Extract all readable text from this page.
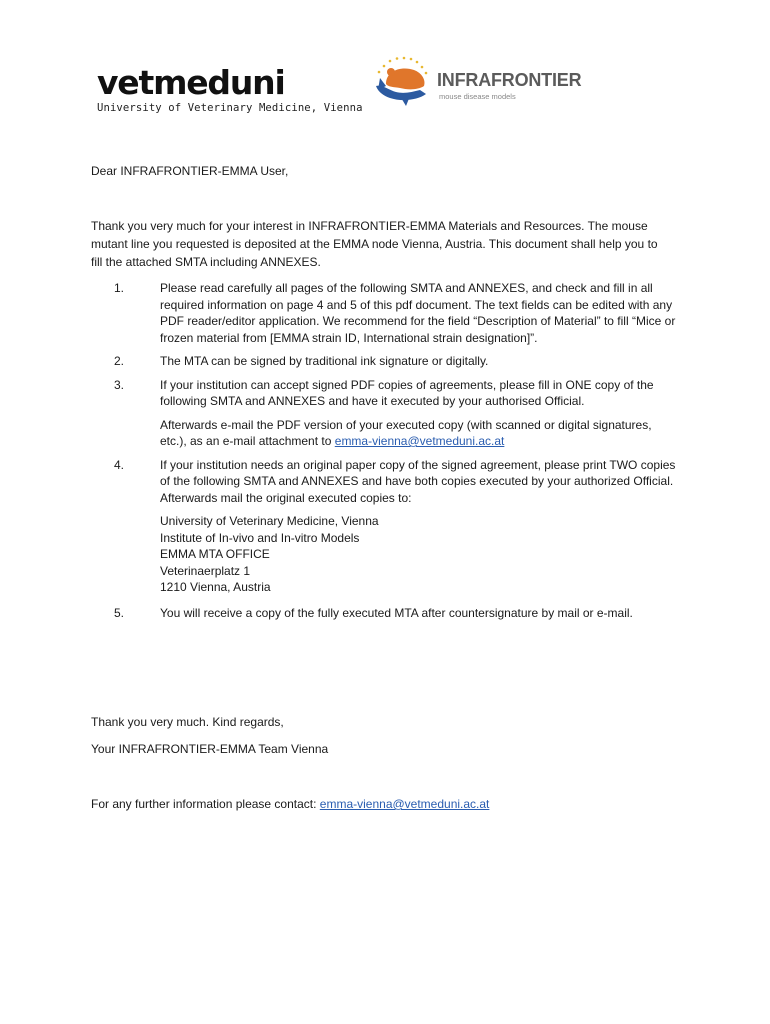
vetmeduni
University of Veterinary Medicine, Vienna
INFRAFRONTIER
mouse disease models
Dear INFRAFRONTIER-EMMA User,
Thank you very much for your interest in INFRAFRONTIER-EMMA Materials and Resources. The mouse mutant line you requested is deposited at the EMMA node Vienna, Austria. This document shall help you to fill the attached SMTA including ANNEXES.
1.	Please read carefully all pages of the following SMTA and ANNEXES, and check and fill in all required information on page 4 and 5 of this pdf document. The text fields can be edited with any PDF reader/editor application. We recommend for the field “Description of Material” to fill “Mice or frozen material from [EMMA strain ID, International strain designation]”.

2.	The MTA can be signed by traditional ink signature or digitally.

3.	If your institution can accept signed PDF copies of agreements, please fill in ONE copy of the following SMTA and ANNEXES and have it executed by your authorised Official.

Afterwards e-mail the PDF version of your executed copy (with scanned or digital signatures, etc.), as an e-mail attachment to emma-vienna@vetmeduni.ac.at

4.	If your institution needs an original paper copy of the signed agreement, please print TWO copies of the following SMTA and ANNEXES and have both copies executed by your authorized Official. Afterwards mail the original executed copies to:

University of Veterinary Medicine, Vienna
Institute of In-vivo and In-vitro Models
EMMA MTA OFFICE
Veterinaerplatz 1
1210 Vienna, Austria
5.	You will receive a copy of the fully executed MTA after countersignature by mail or e-mail.

Thank you very much. Kind regards,
Your INFRAFRONTIER-EMMA Team Vienna
For any further information please contact: emma-vienna@vetmeduni.ac.at
